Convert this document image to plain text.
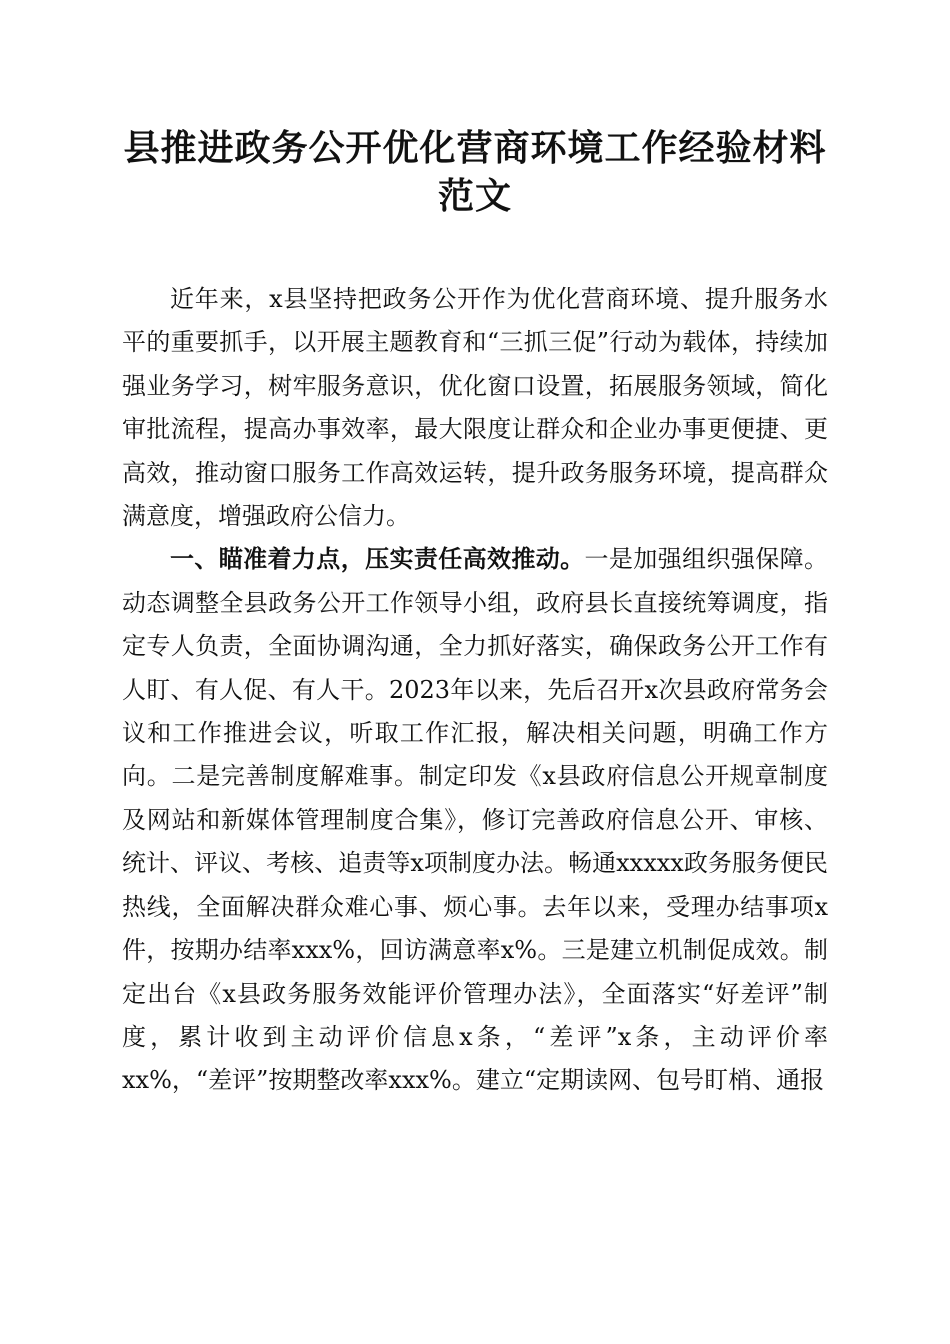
县推进政务公开优化营商环境工作经验材料范文

近年来，x县坚持把政务公开作为优化营商环境、提升服务水平的重要抓手，以开展主题教育和“三抓三促”行动为载体，持续加强业务学习，树牢服务意识，优化窗口设置，拓展服务领域，简化审批流程，提高办事效率，最大限度让群众和企业办事更便捷、更高效，推动窗口服务工作高效运转，提升政务服务环境，提高群众满意度，增强政府公信力。

一、瞄准着力点，压实责任高效推动。一是加强组织强保障。动态调整全县政务公开工作领导小组，政府县长直接统筹调度，指定专人负责，全面协调沟通，全力抓好落实，确保政务公开工作有人盯、有人促、有人干。2023年以来，先后召开x次县政府常务会议和工作推进会议，听取工作汇报，解决相关问题，明确工作方向。二是完善制度解难事。制定印发《x县政府信息公开规章制度及网站和新媒体管理制度合集》，修订完善政府信息公开、审核、统计、评议、考核、追责等x项制度办法。畅通xxxxx政务服务便民热线，全面解决群众难心事、烦心事。去年以来，受理办结事项x件，按期办结率xxx%，回访满意率x%。三是建立机制促成效。制定出台《x县政务服务效能评价管理办法》，全面落实“好差评”制度，累计收到主动评价信息x条，“差评”x条，主动评价率xx%，“差评”按期整改率xxx%。建立“定期读网、包号盯梢、通报
